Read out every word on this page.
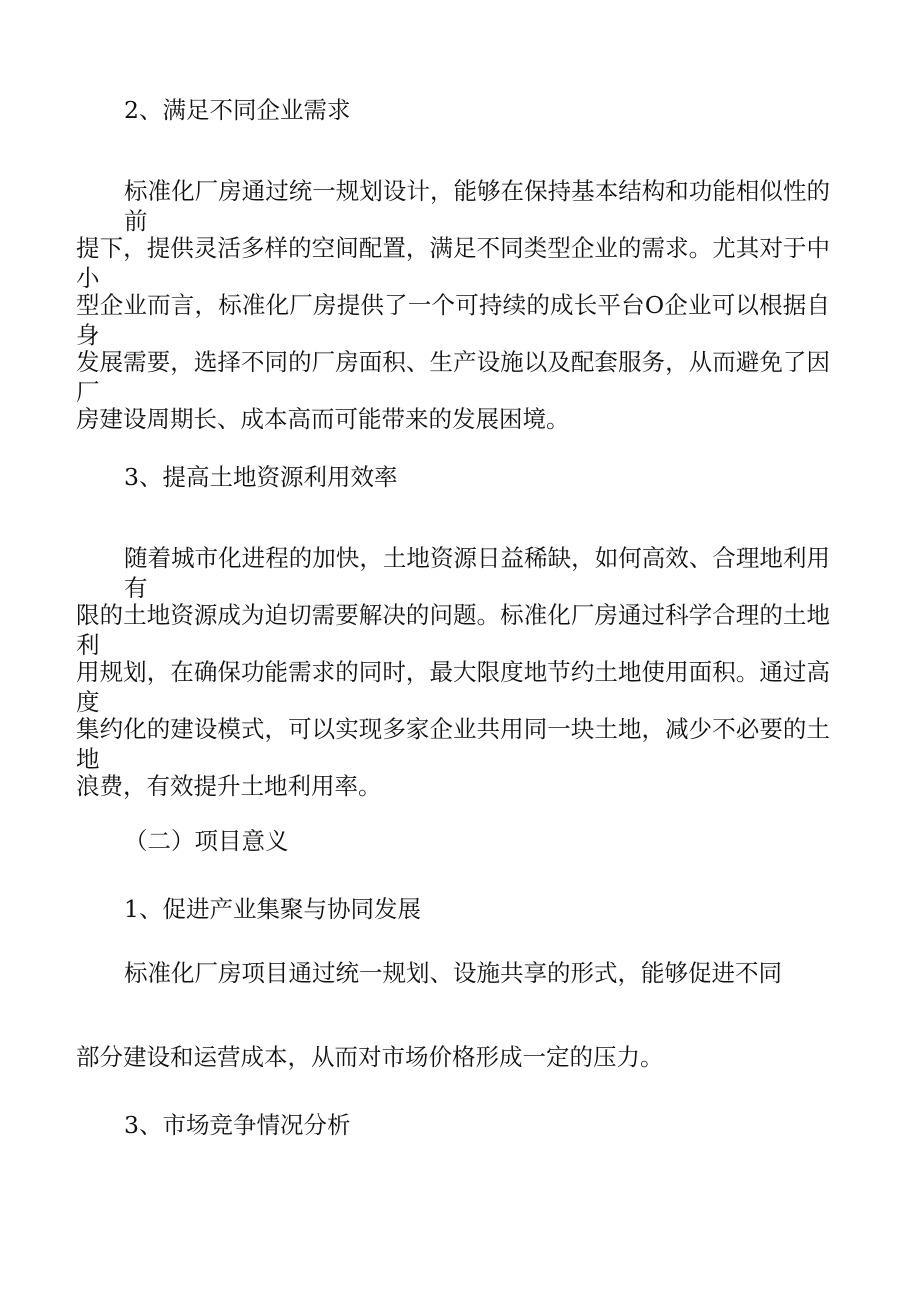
2、满足不同企业需求
标准化厂房通过统一规划设计，能够在保持基本结构和功能相似性的前
提下，提供灵活多样的空间配置，满足不同类型企业的需求。尤其对于中小
型企业而言，标准化厂房提供了一个可持续的成长平台O企业可以根据自身
发展需要，选择不同的厂房面积、生产设施以及配套服务，从而避免了因厂
房建设周期长、成本高而可能带来的发展困境。
3、提高土地资源利用效率
随着城市化进程的加快，土地资源日益稀缺，如何高效、合理地利用有
限的土地资源成为迫切需要解决的问题。标准化厂房通过科学合理的土地利
用规划，在确保功能需求的同时，最大限度地节约土地使用面积。通过高度
集约化的建设模式，可以实现多家企业共用同一块土地，减少不必要的土地
浪费，有效提升土地利用率。
（二）项目意义
1、促进产业集聚与协同发展
标准化厂房项目通过统一规划、设施共享的形式，能够促进不同
部分建设和运营成本，从而对市场价格形成一定的压力。
3、市场竞争情况分析
